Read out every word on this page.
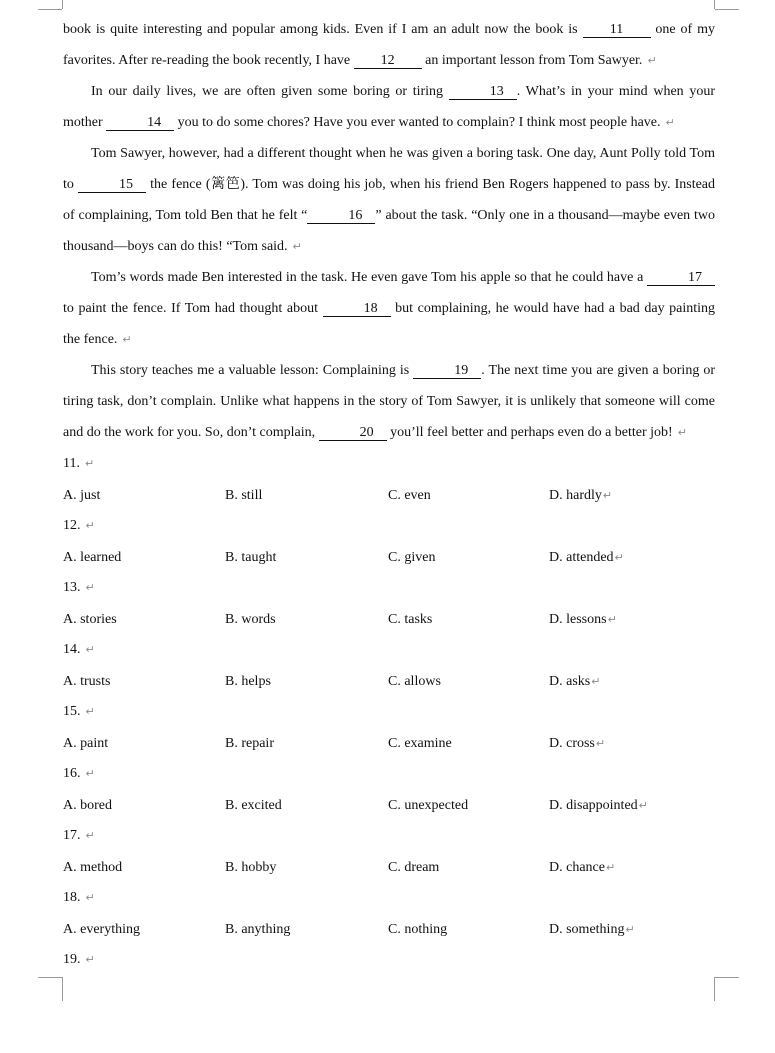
book is quite interesting and popular among kids. Even if I am an adult now the book is 11 one of my favorites. After re-reading the book recently, I have 12 an important lesson from Tom Sawyer. ↵

In our daily lives, we are often given some boring or tiring	13 . What’s in your mind when your mother	14 you to do some chores? Have you ever wanted to complain? I think most people have. ↵

Tom Sawyer, however, had a different thought when he was given a boring task. One day, Aunt Polly told Tom to	15 the fence (篱笆). Tom was doing his job, when his friend Ben Rogers happened to pass by. Instead of complaining, Tom told Ben that he felt “	16 ” about the task. “Only one in a thousand—maybe even two thousand—boys can do this! “Tom said. ↵

Tom’s words made Ben interested in the task. He even gave Tom his apple so that he could have a	17 to paint the fence. If Tom had thought about	18 but complaining, he would have had a bad day painting the fence. ↵

This story teaches me a valuable lesson: Complaining is	19 . The next time you are given a boring or tiring task, don’t complain. Unlike what happens in the story of Tom Sawyer, it is unlikely that someone will come and do the work for you. So, don’t complain,	20 you’ll feel better and perhaps even do a better job! ↵

11. ↵
A. just	B. still	C. even	D. hardly↵
12. ↵
A. learned	B. taught	C. given	D. attended↵
13. ↵
A. stories	B. words	C. tasks	D. lessons↵
14. ↵
A. trusts	B. helps	C. allows	D. asks↵
15. ↵
A. paint	B. repair	C. examine	D. cross↵
16. ↵
A. bored	B. excited	C. unexpected	D. disappointed↵
17. ↵
A. method	B. hobby	C. dream	D. chance↵
18. ↵
A. everything	B. anything	C. nothing	D. something↵
19. ↵
